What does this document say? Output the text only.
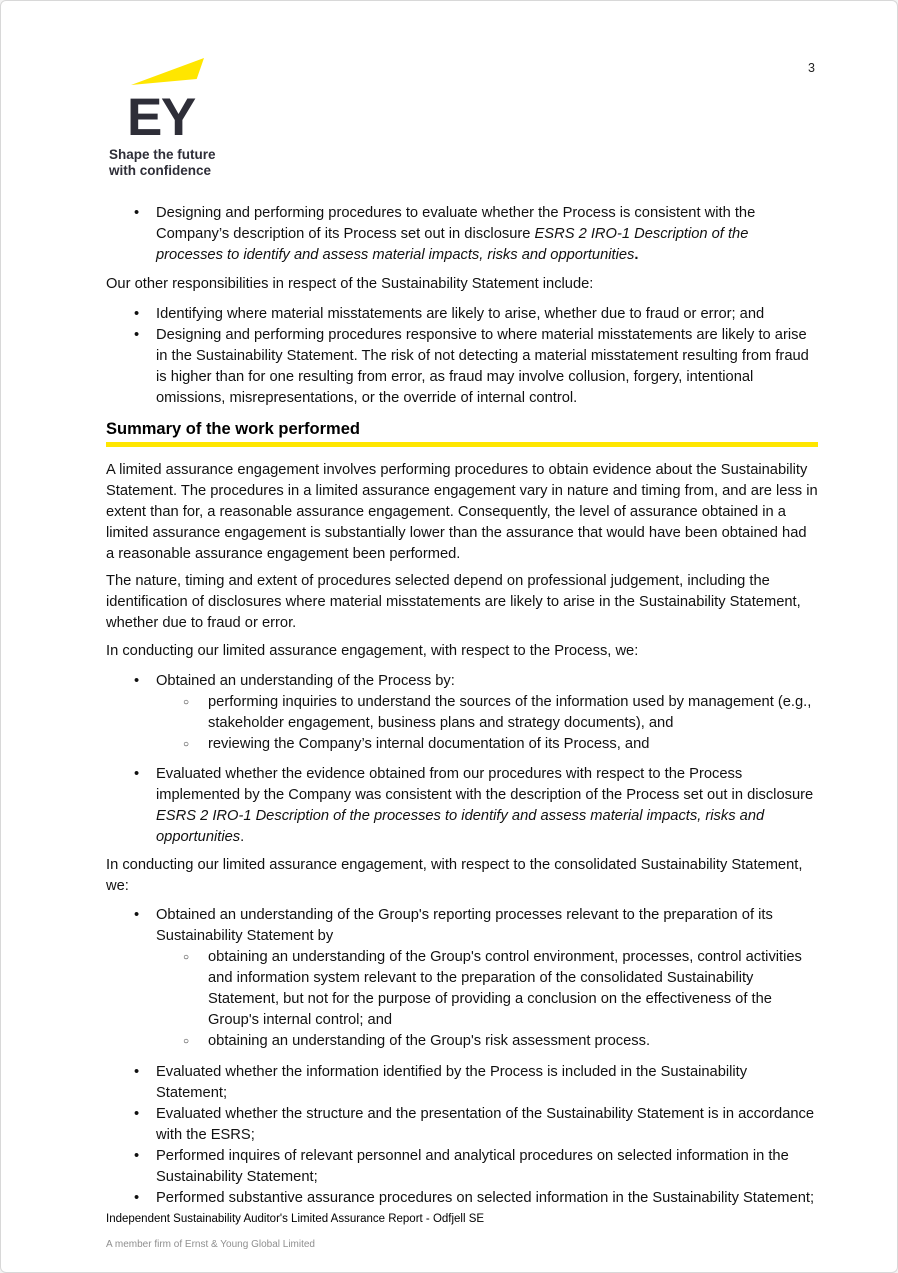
3
EY
Shape the future
with confidence
•	Designing and performing procedures to evaluate whether the Process is consistent with the Company’s description of its Process set out in disclosure ESRS 2 IRO-1 Description of the processes to identify and assess material impacts, risks and opportunities.

Our other responsibilities in respect of the Sustainability Statement include:

•	Identifying where material misstatements are likely to arise, whether due to fraud or error; and
•	Designing and performing procedures responsive to where material misstatements are likely to arise in the Sustainability Statement. The risk of not detecting a material misstatement resulting from fraud is higher than for one resulting from error, as fraud may involve collusion, forgery, intentional omissions, misrepresentations, or the override of internal control.
Summary of the work performed

A limited assurance engagement involves performing procedures to obtain evidence about the Sustainability Statement. The procedures in a limited assurance engagement vary in nature and timing from, and are less in extent than for, a reasonable assurance engagement. Consequently, the level of assurance obtained in a limited assurance engagement is substantially lower than the assurance that would have been obtained had a reasonable assurance engagement been performed.

The nature, timing and extent of procedures selected depend on professional judgement, including the identification of disclosures where material misstatements are likely to arise in the Sustainability Statement, whether due to fraud or error.

In conducting our limited assurance engagement, with respect to the Process, we:

•	Obtained an understanding of the Process by:
○	performing inquiries to understand the sources of the information used by management (e.g., stakeholder engagement, business plans and strategy documents), and
○	reviewing the Company’s internal documentation of its Process, and
•	Evaluated whether the evidence obtained from our procedures with respect to the Process implemented by the Company was consistent with the description of the Process set out in disclosure ESRS 2 IRO-1 Description of the processes to identify and assess material impacts, risks and opportunities.

In conducting our limited assurance engagement, with respect to the consolidated Sustainability Statement, we:

•	Obtained an understanding of the Group's reporting processes relevant to the preparation of its Sustainability Statement by
○	obtaining an understanding of the Group's control environment, processes, control activities and information system relevant to the preparation of the consolidated Sustainability Statement, but not for the purpose of providing a conclusion on the effectiveness of the Group's internal control; and
○	obtaining an understanding of the Group's risk assessment process.
•	Evaluated whether the information identified by the Process is included in the Sustainability Statement;
•	Evaluated whether the structure and the presentation of the Sustainability Statement is in accordance with the ESRS;
•	Performed inquires of relevant personnel and analytical procedures on selected information in the Sustainability Statement;
•	Performed substantive assurance procedures on selected information in the Sustainability Statement;
Independent Sustainability Auditor's Limited Assurance Report - Odfjell SE
A member firm of Ernst & Young Global Limited
